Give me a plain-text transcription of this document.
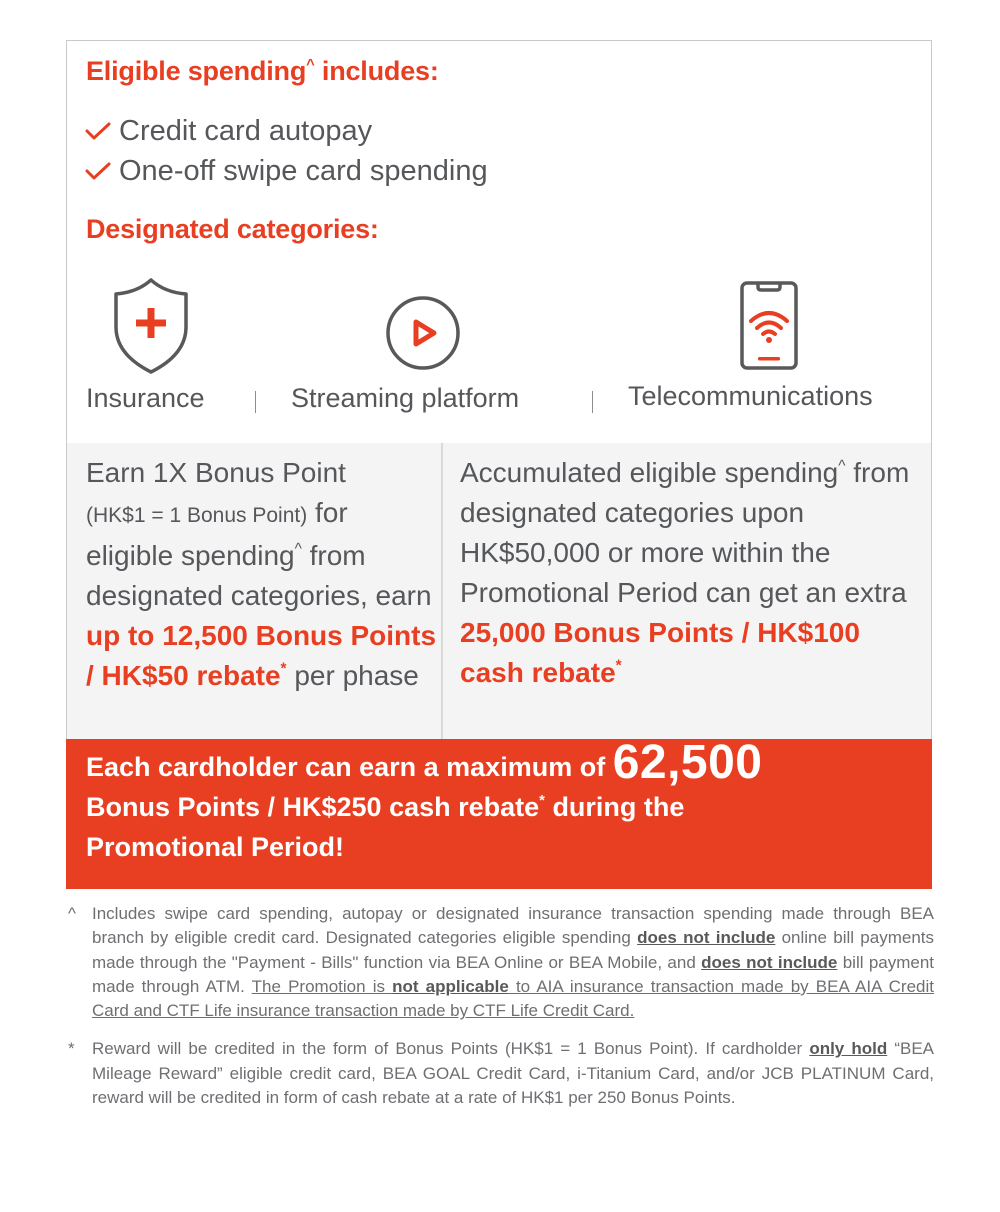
Eligible spending^ includes:
Credit card autopay
One-off swipe card spending
Designated categories:
Insurance	Streaming platform	Telecommunications
Earn 1X Bonus Point
(HK$1 = 1 Bonus Point) for eligible spending^ from designated categories, earn up to 12,500 Bonus Points / HK$50 rebate* per phase
Accumulated eligible spending^ from designated categories upon HK$50,000 or more within the Promotional Period can get an extra 25,000 Bonus Points / HK$100 cash rebate*
Each cardholder can earn a maximum of 62,500
Bonus Points / HK$250 cash rebate* during the
Promotional Period!
^ Includes swipe card spending, autopay or designated insurance transaction spending made through BEA branch by eligible credit card. Designated categories eligible spending does not include online bill payments made through the "Payment - Bills" function via BEA Online or BEA Mobile, and does not include bill payment made through ATM. The Promotion is not applicable to AIA insurance transaction made by BEA AIA Credit Card and CTF Life insurance transaction made by CTF Life Credit Card.
*	Reward will be credited in the form of Bonus Points (HK$1 = 1 Bonus Point). If cardholder only hold “BEA Mileage Reward” eligible credit card, BEA GOAL Credit Card, i-Titanium Card, and/or JCB PLATINUM Card, reward will be credited in form of cash rebate at a rate of HK$1 per 250 Bonus Points.
